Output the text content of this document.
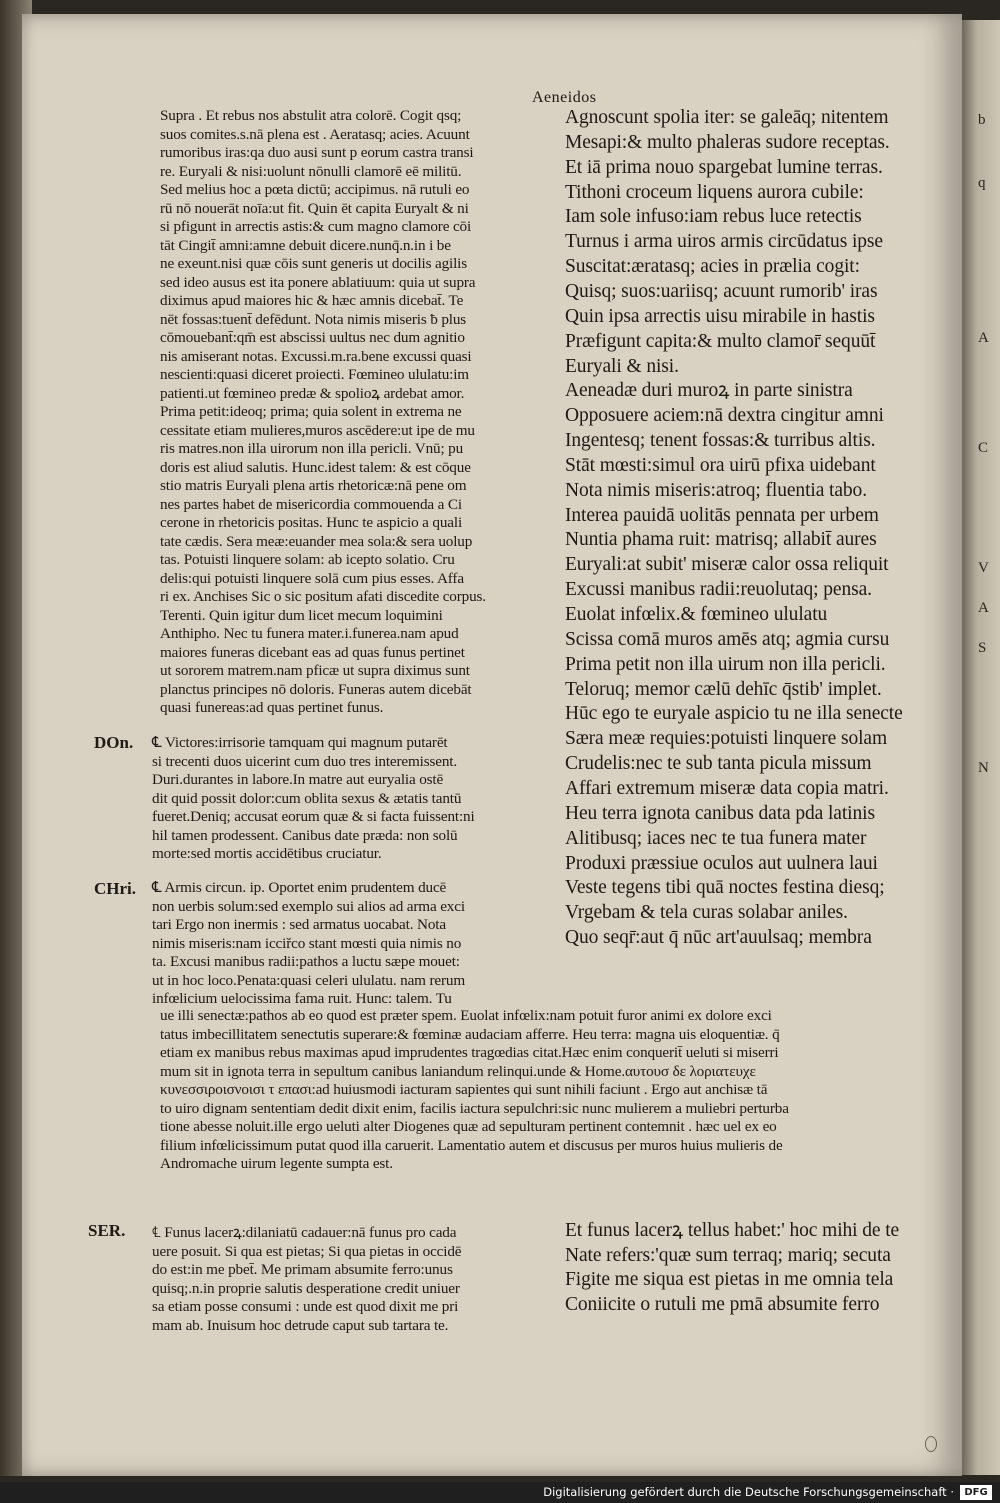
b
q
A
C
V
A
S
N
Aeneidos
Supra . Et rebus nos abstulit atra colorē. Cogit qsq;
suos comites.s.nā plena est . Aeratasq; acies. Acuunt
rumoribus iras:qa duo ausi sunt p eorum castra transi
re. Euryali & nisi:uolunt nōnulli clamorē eē militū.
Sed melius hoc a pœta dictū; accipimus. nā rutuli eo
rū nō nouerāt noīa:ut fit. Quin ēt capita Euryalt & ni
si pfigunt in arrectis astis:& cum magno clamore cōi
tāt Cingit̄ amni:amne debuit dicere.nunq̄.n.in i be
ne exeunt.nisi quæ cōis sunt generis ut docilis agilis
sed ideo ausus est ita ponere ablatiuum: quia ut supra
diximus apud maiores hic & hæc amnis dicebat̄. Te
nēt fossas:tuent̄ defēdunt. Nota nimis miseris ƀ plus
cōmouebant̄:qm̄ est abscissi uultus nec dum agnitio
nis amiserant notas. Excussi.m.ra.bene excussi quasi
nescienti:quasi diceret proiecti. Fœmineo ululatu:im
patienti.ut fœmineo predæ & spolioꝝ ardebat amor.
Prima petit:ideoq; prima; quia solent in extrema ne
cessitate etiam mulieres,muros ascēdere:ut ipe de mu
ris matres.non illa uirorum non illa pericli. Vnū; pu
doris est aliud salutis. Hunc.idest talem: & est cōque
stio matris Euryali plena artis rhetoricæ:nā pene om
nes partes habet de misericordia commouenda a Ci
cerone in rhetoricis positas. Hunc te aspicio a quali
tate cædis. Sera meæ:euander mea sola:& sera uolup
tas. Potuisti linquere solam: ab icepto solatio. Cru
delis:qui potuisti linquere solā cum pius esses. Affa
ri ex. Anchises Sic o sic positum afati discedite corpus.
Terenti. Quin igitur dum licet mecum loquimini
Anthipho. Nec tu funera mater.i.funerea.nam apud
maiores funeras dicebant eas ad quas funus pertinet
ut sororem matrem.nam pficæ ut supra diximus sunt
planctus principes nō doloris. Funeras autem dicebāt
quasi funereas:ad quas pertinet funus.
Agnoscunt spolia iter: se galeāq; nitentem
Mesapi:& multo phaleras sudore receptas.
Et iā prima nouo spargebat lumine terras.
Tithoni croceum liquens aurora cubile:
Iam sole infuso:iam rebus luce retectis
Turnus i arma uiros armis circūdatus ipse
Suscitat:æratasq; acies in prælia cogit:
Quisq; suos:uariisq; acuunt rumorib' iras
Quin ipsa arrectis uisu mirabile in hastis
Præfigunt capita:& multo clamor̄ sequūt̄
Euryali & nisi.
Aeneadæ duri muroꝝ in parte sinistra
Opposuere aciem:nā dextra cingitur amni
Ingentesq; tenent fossas:& turribus altis.
Stāt mœsti:simul ora uirū pfixa uidebant
Nota nimis miseris:atroq; fluentia tabo.
Interea pauidā uolitās pennata per urbem
Nuntia phama ruit: matrisq; allabit̄ aures
Euryali:at subit' miseræ calor ossa reliquit
Excussi manibus radii:reuolutaq; pensa.
Euolat infœlix.& fœmineo ululatu
Scissa comā muros amēs atq; agmia cursu
Prima petit non illa uirum non illa pericli.
Teloruq; memor cælū dehīc q̄stib' implet.
Hūc ego te euryale aspicio tu ne illa senecte
Særa meæ requies:potuisti linquere solam
Crudelis:nec te sub tanta picula missum
Affari extremum miseræ data copia matri.
Heu terra ignota canibus data pda latinis
Alitibusq; iaces nec te tua funera mater
Produxi præssiue oculos aut uulnera laui
Veste tegens tibi quā noctes festina diesq;
Vrgebam & tela curas solabar aniles.
Quo seqr̄:aut q̄ nūc art'auulsaq; membra
DOn. ℄ Victores:irrisorie tamquam qui magnum putarēt
si trecenti duos uicerint cum duo tres interemissent.
Duri.durantes in labore.In matre aut euryalia ostē
dit quid possit dolor:cum oblita sexus & ætatis tantū
fueret.Deniq; accusat eorum quæ & si facta fuissent:ni
hil tamen prodessent. Canibus date præda: non solū
morte:sed mortis accidētibus cruciatur.
CHri. ℄ Armis circun. ip. Oportet enim prudentem ducē
non uerbis solum:sed exemplo sui alios ad arma exci
tari Ergo non inermis : sed armatus uocabat. Nota
nimis miseris:nam icciřco stant mœsti quia nimis no
ta. Excusi manibus radii:pathos a luctu sæpe mouet:
ut in hoc loco.Penata:quasi celeri ululatu. nam rerum
infœlicium uelocissima fama ruit. Hunc: talem. Tu
ue illi senectæ:pathos ab eo quod est præter spem. Euolat infœlix:nam potuit furor animi ex dolore exci
tatus imbecillitatem senectutis superare:& fœminæ audaciam afferre. Heu terra: magna uis eloquentiæ. q̄
etiam ex manibus rebus maximas apud imprudentes tragœdias citat.Hæc enim conquerit̄ ueluti si miserri
mum sit in ignota terra in sepultum canibus laniandum relinqui.unde & Home.αυτουσ δε λοριατευχε
κυνεσσιροισνοισι τ επασι:ad huiusmodi iacturam sapientes qui sunt nihili faciunt . Ergo aut anchisæ tā
to uiro dignam sententiam dedit dixit enim, facilis iactura sepulchri:sic nunc mulierem a muliebri perturba
tione abesse noluit.ille ergo ueluti alter Diogenes quæ ad sepulturam pertinent contemnit . hæc uel ex eo
filium infœlicissimum putat quod illa caruerit. Lamentatio autem et discusus per muros huius mulieris de
Andromache uirum legente sumpta est.
SER. ℄ Funus lacerꝝ:dilaniatū cadauer:nā funus pro cada
uere posuit. Si qua est pietas; Si qua pietas in occidē
do est:in me pbet̄. Me primam absumite ferro:unus
quisq;.n.in proprie salutis desperatione credit uniuer
sa etiam posse consumi : unde est quod dixit me pri
mam ab. Inuisum hoc detrude caput sub tartara te.
Et funus lacerꝝ tellus habet:' hoc mihi de te
Nate refers:'quæ sum terraq; mariq; secuta
Figite me siqua est pietas in me omnia tela
Coniicite o rutuli me pmā absumite ferro
Digitalisierung gefördert durch die Deutsche Forschungsgemeinschaft ·	DFG
